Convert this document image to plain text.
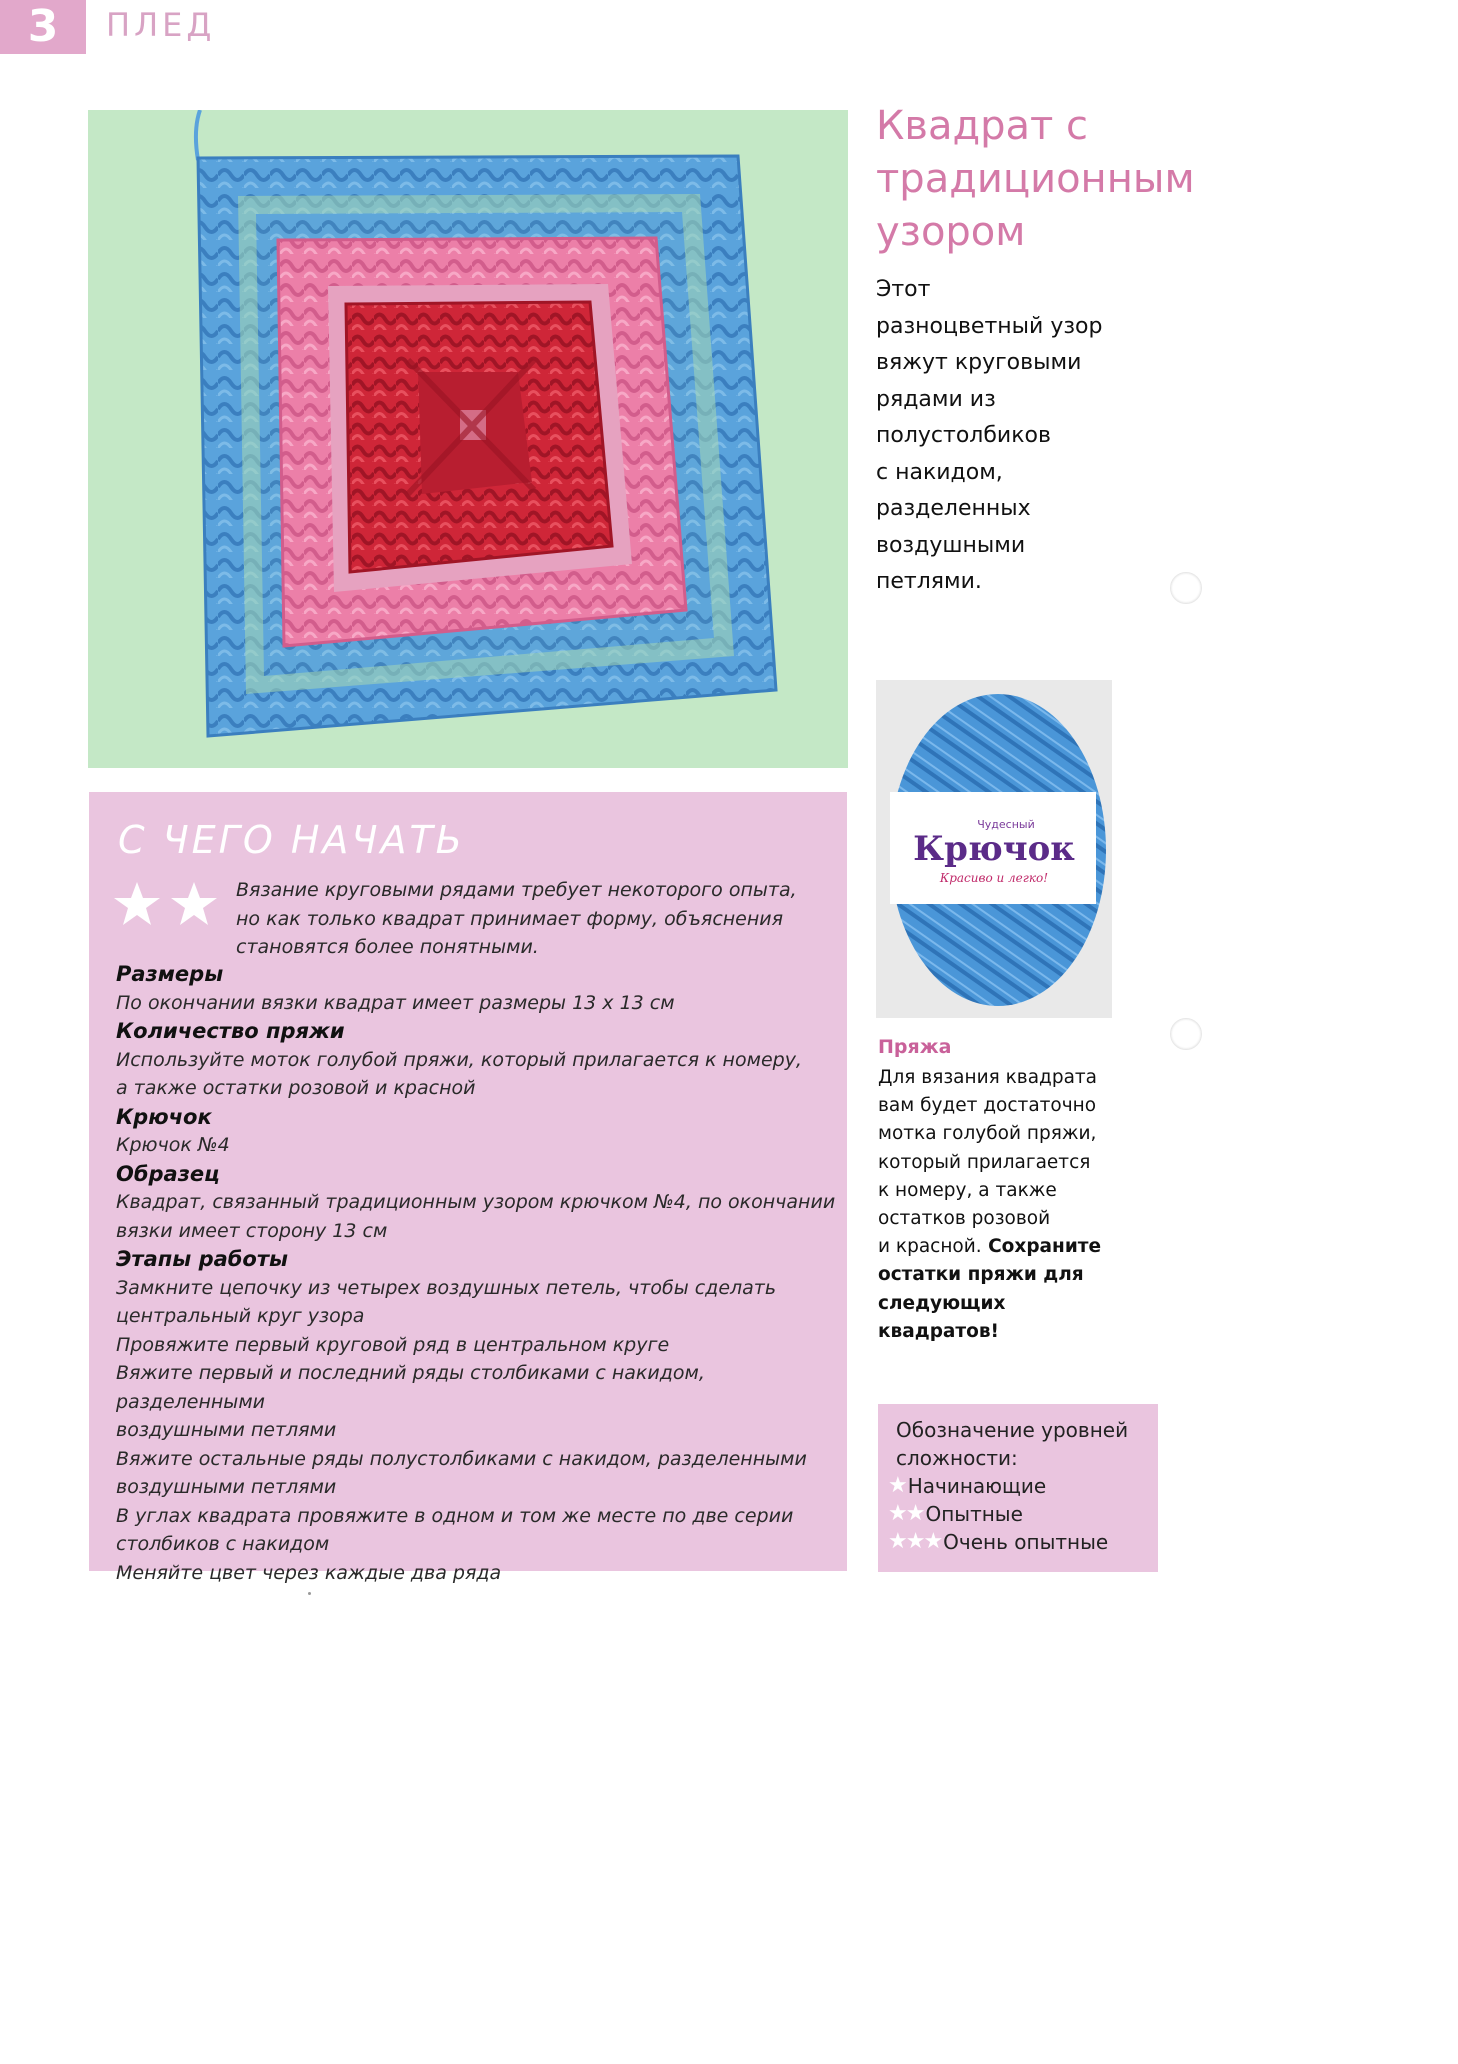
3	ПЛЕД
Квадрат с
традиционным
узором
Этот
разноцветный узор
вяжут круговыми
рядами из
полустолбиков
с накидом,
разделенных
воздушными
петлями.
Чудесный
Крючок
Красиво и легко!
Пряжа
Для вязания квадрата
вам будет достаточно
мотка голубой пряжи,
который прилагается
к номеру, а также
остатков розовой
и красной. Сохраните
остатки пряжи для
следующих
квадратов!
С ЧЕГО НАЧАТЬ
Вязание круговыми рядами требует некоторого опыта,
но как только квадрат принимает форму, объяснения
становятся более понятными.
Размеры
По окончании вязки квадрат имеет размеры 13 x 13 см
Количество пряжи
Используйте моток голубой пряжи, который прилагается к номеру,
а также остатки розовой и красной
Крючок
Крючок №4
Образец
Квадрат, связанный традиционным узором крючком №4, по окончании
вязки имеет сторону 13 см
Этапы работы
Замкните цепочку из четырех воздушных петель, чтобы сделать
центральный круг узора
Провяжите первый круговой ряд в центральном круге
Вяжите первый и последний ряды столбиками с накидом, разделенными
воздушными петлями
Вяжите остальные ряды полустолбиками с накидом, разделенными
воздушными петлями
В углах квадрата провяжите в одном и том же месте по две серии
столбиков с накидом
Меняйте цвет через каждые два ряда
Обозначение уровней
сложности:
★ Начинающие
★★ Опытные
★★★ Очень опытные
